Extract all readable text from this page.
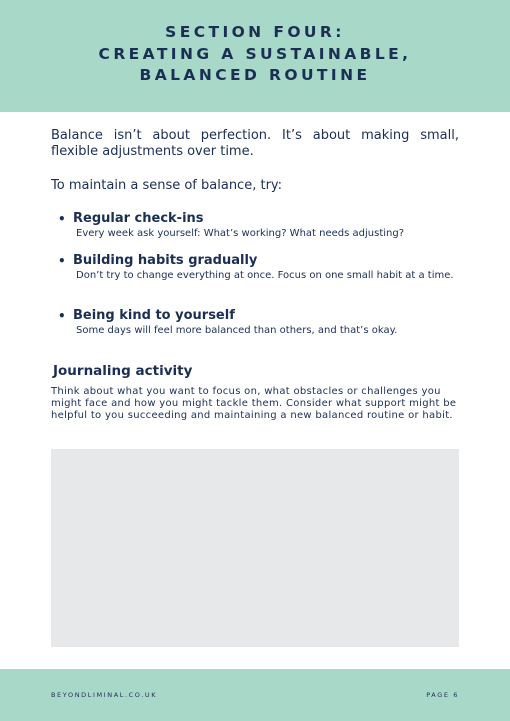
SECTION FOUR:
CREATING A SUSTAINABLE,
BALANCED ROUTINE

Balance isn’t about perfection. It’s about making small, flexible adjustments over time.

To maintain a sense of balance, try:

• Regular check-ins
Every week ask yourself: What’s working? What needs adjusting?
• Building habits gradually
Don’t try to change everything at once. Focus on one small habit at a time.
• Being kind to yourself
Some days will feel more balanced than others, and that’s okay.
Journaling activity

Think about what you want to focus on, what obstacles or challenges you might face and how you might tackle them. Consider what support might be helpful to you succeeding and maintaining a new balanced routine or habit.

BEYONDLIMINAL.CO.UK	PAGE 6
